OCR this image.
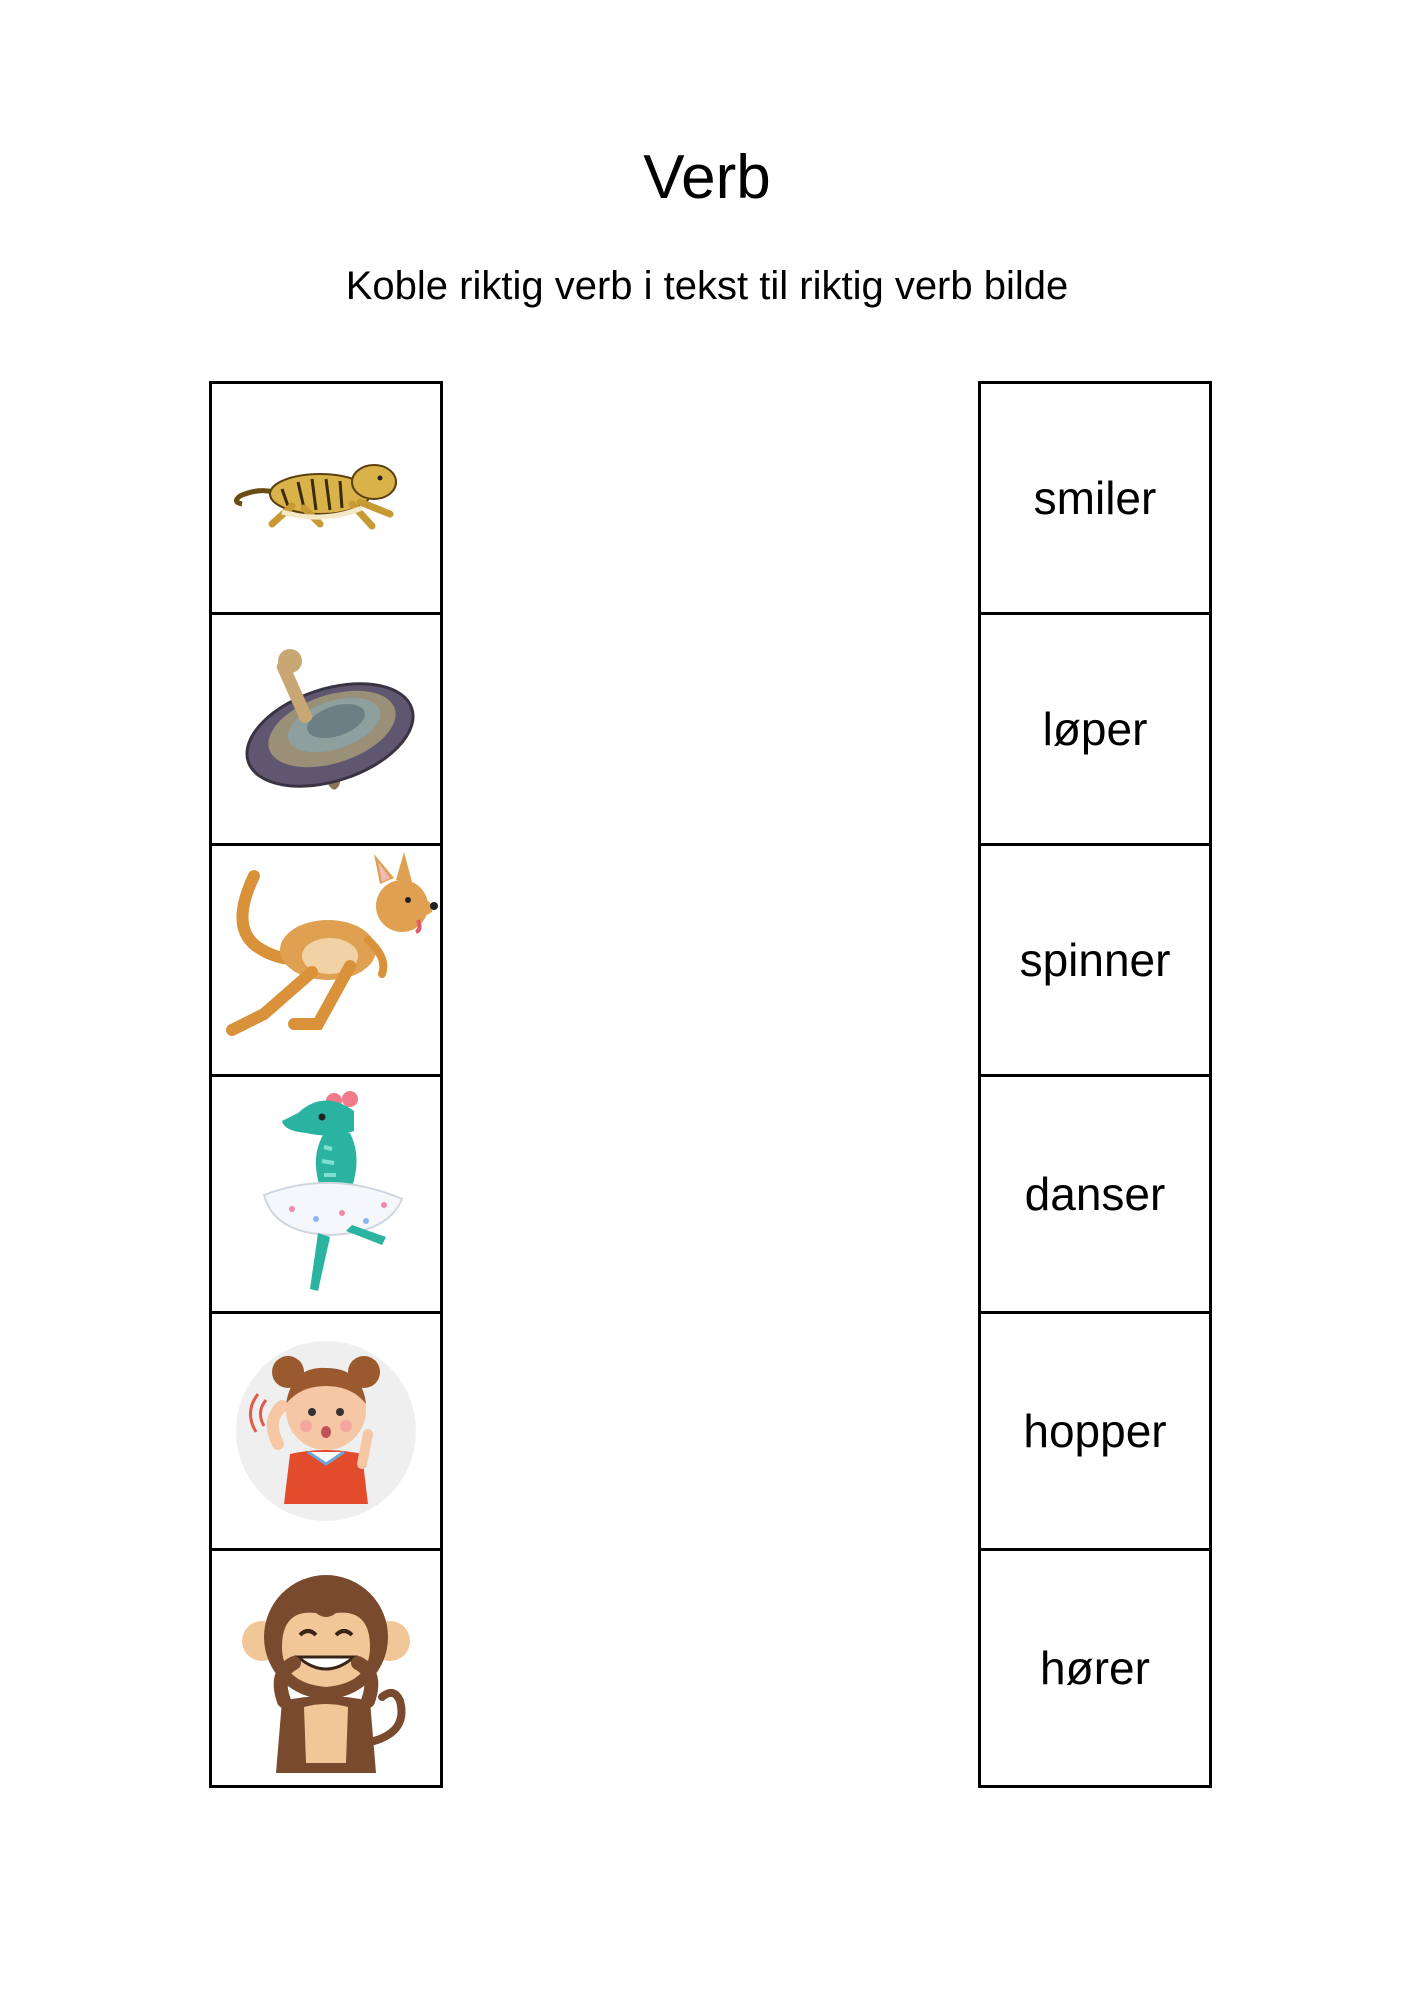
Verb
Koble riktig verb i tekst til riktig verb bilde
smiler
løper
spinner
danser
hopper
hører
